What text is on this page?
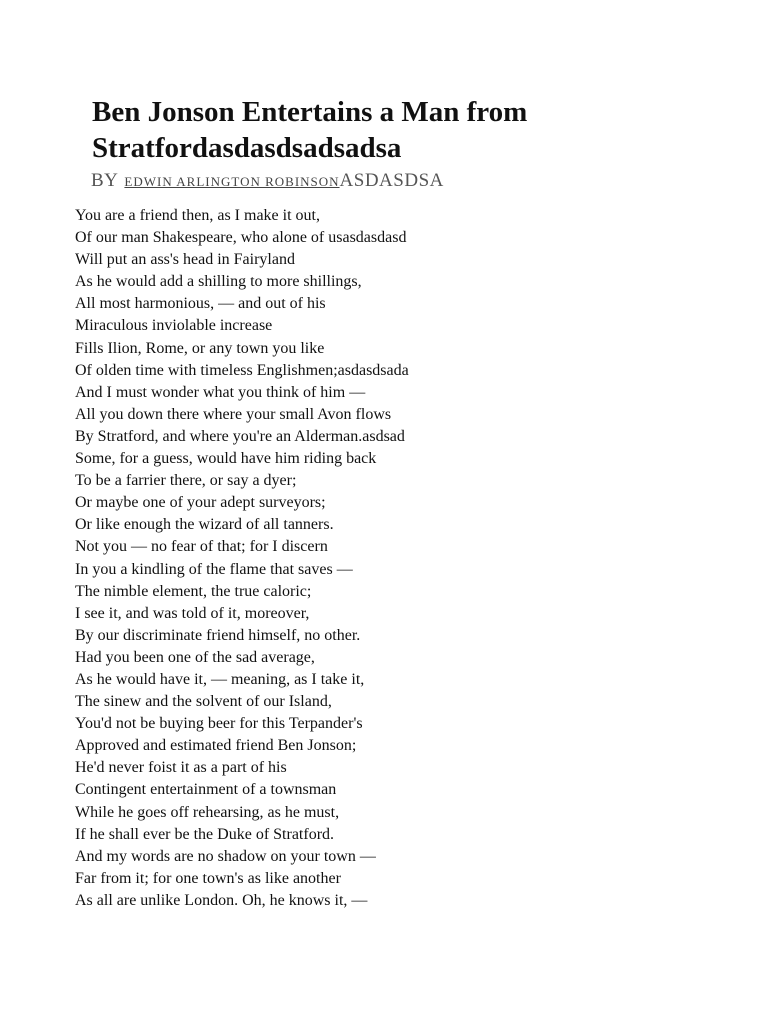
Ben Jonson Entertains a Man from
Stratfordasdasdsadsadsa

BY EDWIN ARLINGTON ROBINSONASDASDSA

You are a friend then, as I make it out,
Of our man Shakespeare, who alone of usasdasdasd
Will put an ass's head in Fairyland
As he would add a shilling to more shillings,
All most harmonious, — and out of his
Miraculous inviolable increase
Fills Ilion, Rome, or any town you like
Of olden time with timeless Englishmen;asdasdsada
And I must wonder what you think of him —
All you down there where your small Avon flows
By Stratford, and where you're an Alderman.asdsad
Some, for a guess, would have him riding back
To be a farrier there, or say a dyer;
Or maybe one of your adept surveyors;
Or like enough the wizard of all tanners.
Not you — no fear of that; for I discern
In you a kindling of the flame that saves —
The nimble element, the true caloric;
I see it, and was told of it, moreover,
By our discriminate friend himself, no other.
Had you been one of the sad average,
As he would have it, — meaning, as I take it,
The sinew and the solvent of our Island,
You'd not be buying beer for this Terpander's
Approved and estimated friend Ben Jonson;
He'd never foist it as a part of his
Contingent entertainment of a townsman
While he goes off rehearsing, as he must,
If he shall ever be the Duke of Stratford.
And my words are no shadow on your town —
Far from it; for one town's as like another
As all are unlike London. Oh, he knows it, —
